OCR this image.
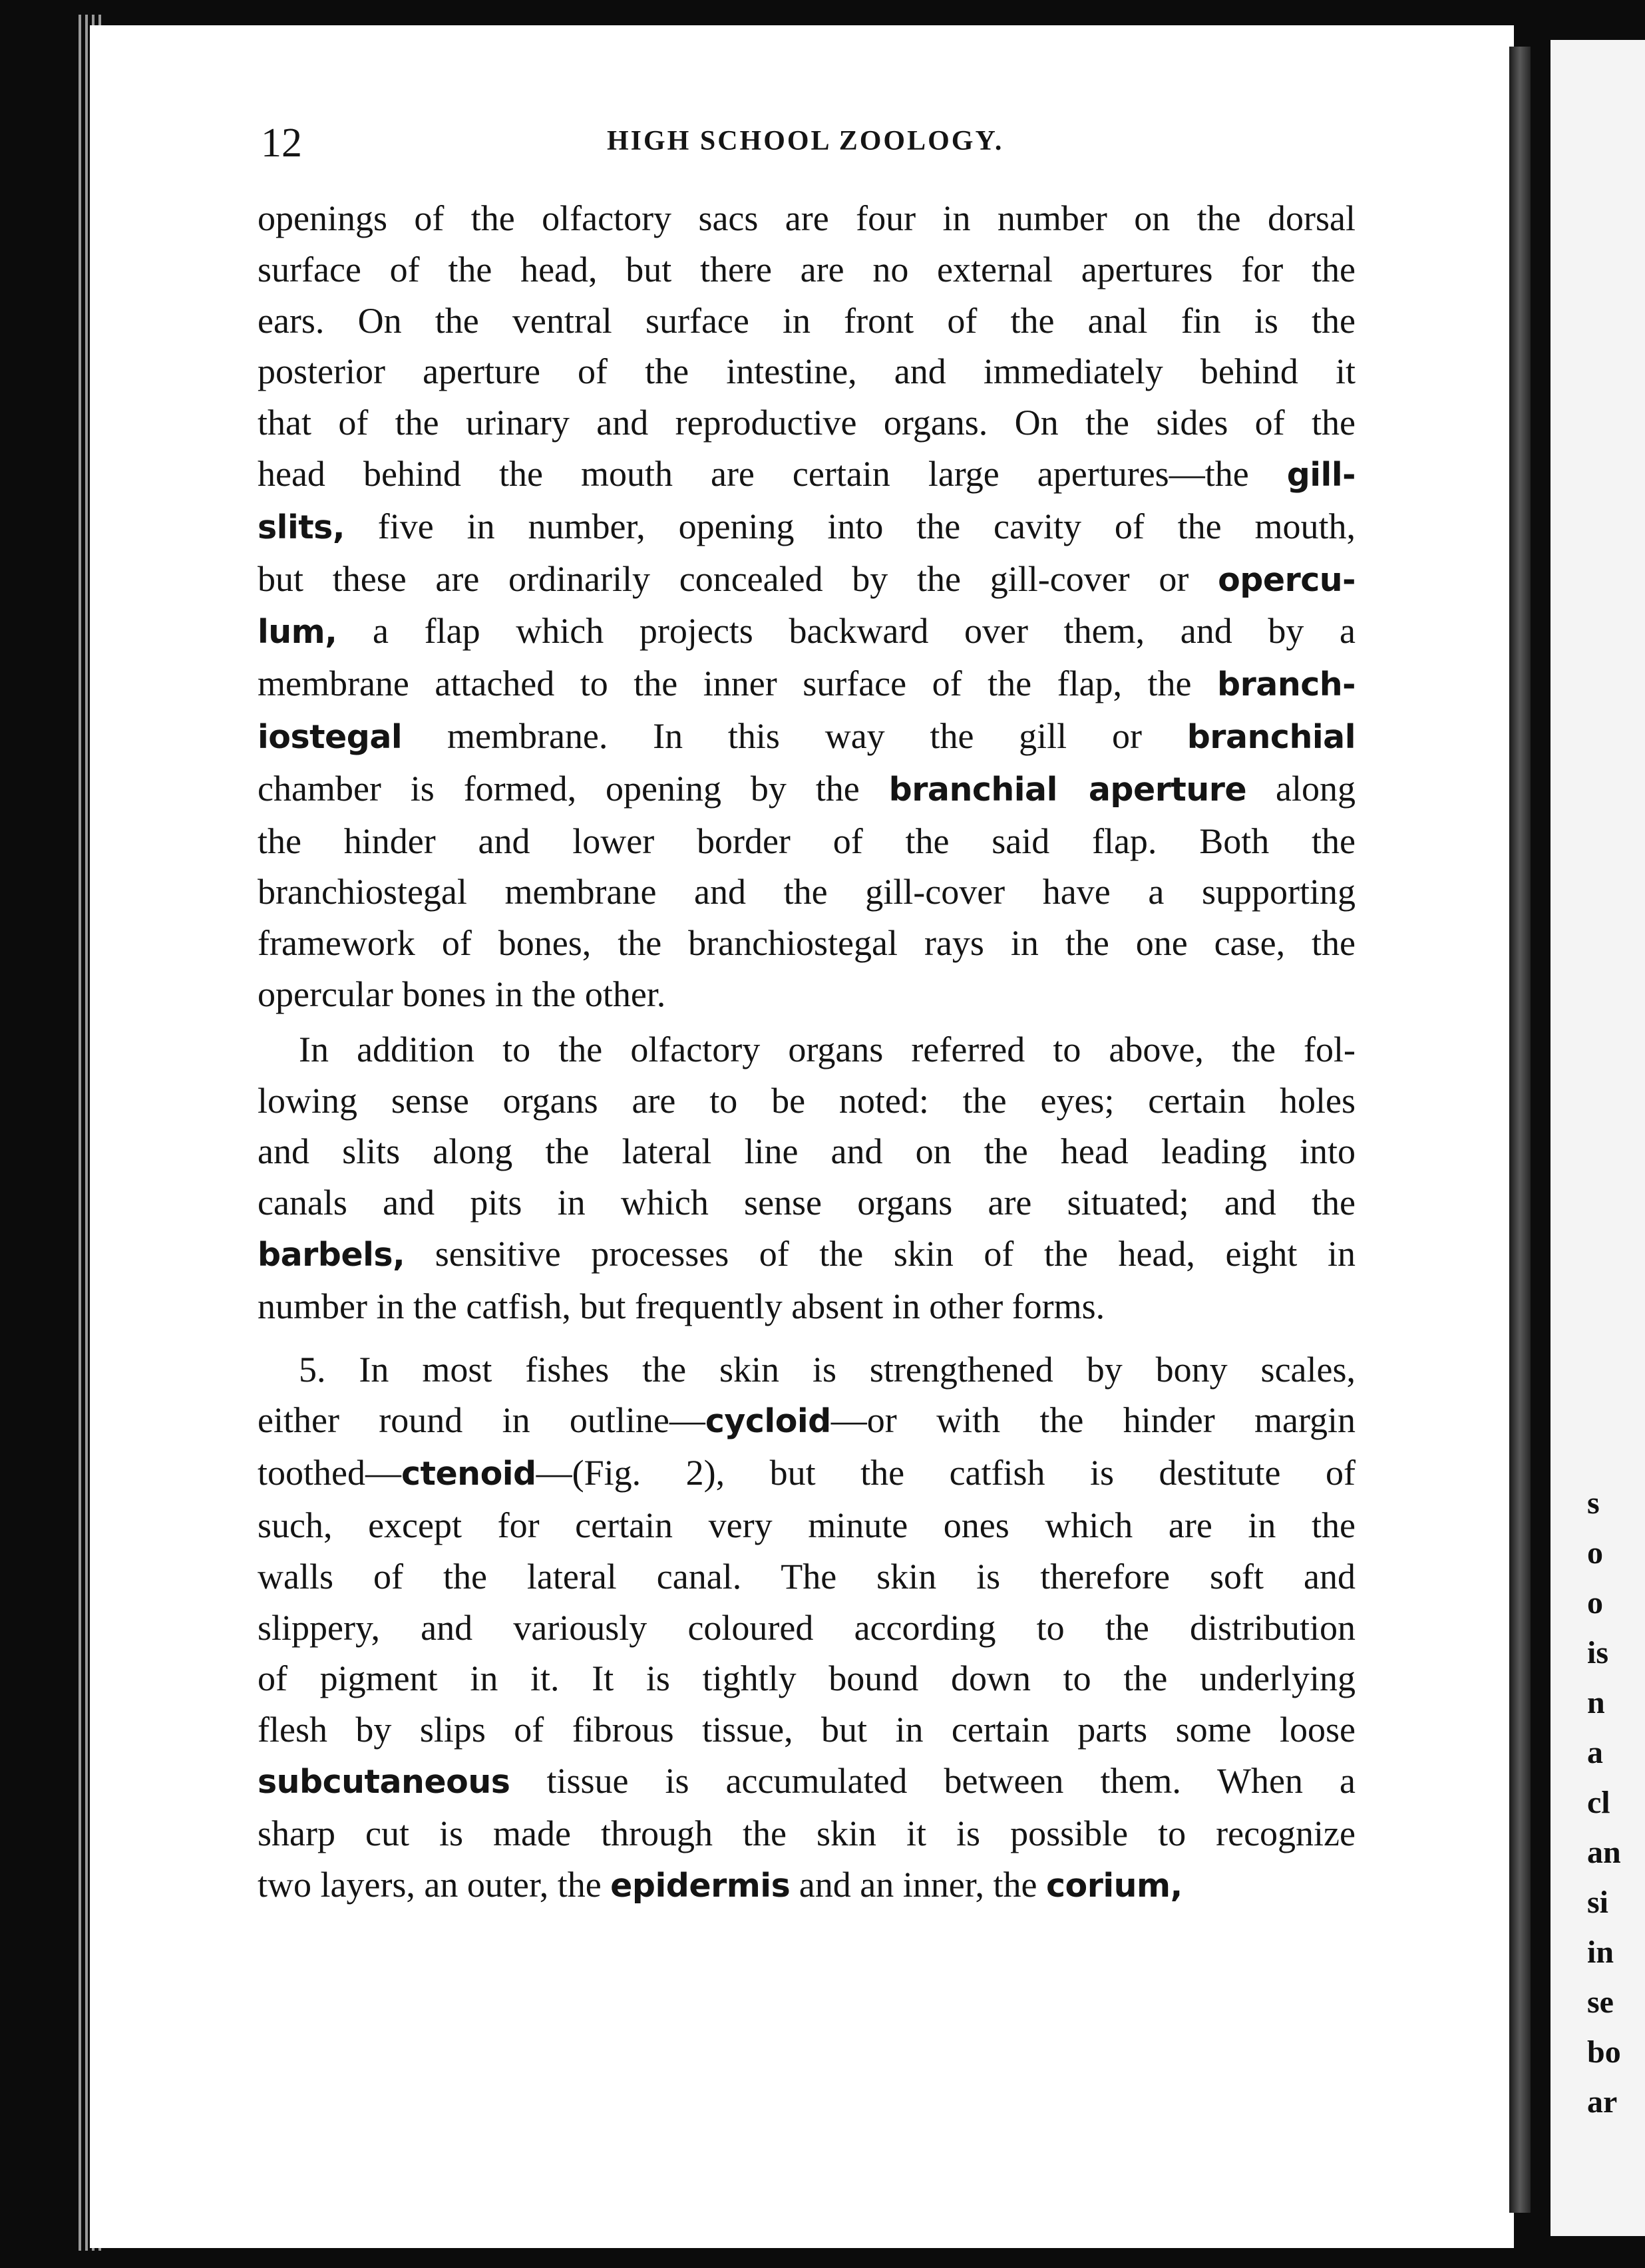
s
o
o
is
n
a
cl
an
si
in
se
bo
ar
12	HIGH SCHOOL ZOOLOGY.
openings of the olfactory sacs are four in number on the dorsal
surface of the head, but there are no external apertures for the
ears. On the ventral surface in front of the anal fin is the
posterior aperture of the intestine, and immediately behind it
that of the urinary and reproductive organs. On the sides of the
head behind the mouth are certain large apertures—the gill-
slits, five in number, opening into the cavity of the mouth,
but these are ordinarily concealed by the gill-cover or opercu-
lum, a flap which projects backward over them, and by a
membrane attached to the inner surface of the flap, the branch-
iostegal membrane. In this way the gill or branchial
chamber is formed, opening by the branchial aperture along
the hinder and lower border of the said flap. Both the
branchiostegal membrane and the gill-cover have a supporting
framework of bones, the branchiostegal rays in the one case, the
opercular bones in the other.
In addition to the olfactory organs referred to above, the fol-
lowing sense organs are to be noted: the eyes; certain holes
and slits along the lateral line and on the head leading into
canals and pits in which sense organs are situated; and the
barbels, sensitive processes of the skin of the head, eight in
number in the catfish, but frequently absent in other forms.
5. In most fishes the skin is strengthened by bony scales,
either round in outline—cycloid—or with the hinder margin
toothed—ctenoid—(Fig. 2), but the catfish is destitute of
such, except for certain very minute ones which are in the
walls of the lateral canal. The skin is therefore soft and
slippery, and variously coloured according to the distribution
of pigment in it. It is tightly bound down to the underlying
flesh by slips of fibrous tissue, but in certain parts some loose
subcutaneous tissue is accumulated between them. When a
sharp cut is made through the skin it is possible to recognize
two layers, an outer, the epidermis and an inner, the corium,
